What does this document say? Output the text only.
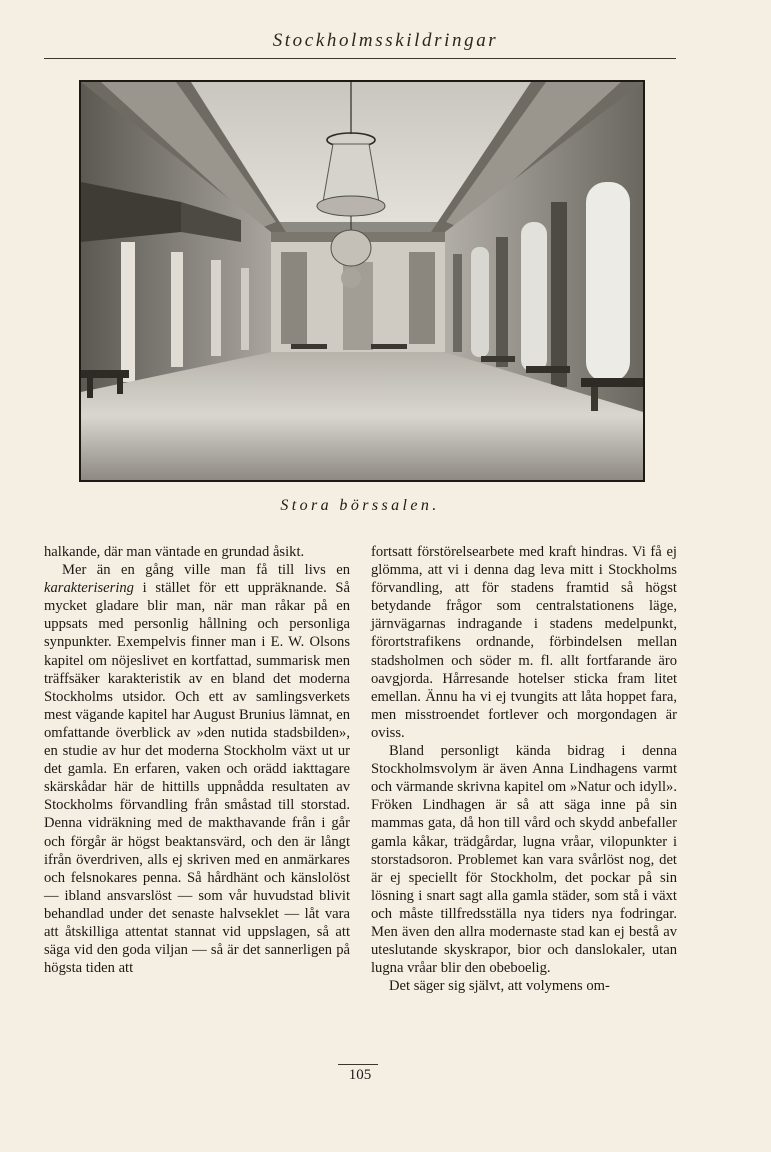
Stockholmsskildringar
Stora börssalen.

halkande, där man väntade en grundad åsikt.

Mer än en gång ville man få till livs en karakterisering i stället för ett uppräknande. Så mycket gladare blir man, när man råkar på en uppsats med personlig hållning och personliga synpunkter. Exempelvis finner man i E. W. Olsons kapitel om nöjeslivet en kortfattad, summarisk men träffsäker karakteristik av en bland det moderna Stockholms utsidor. Och ett av samlingsverkets mest vägande kapitel har August Brunius lämnat, en omfattande överblick av »den nutida stadsbilden», en studie av hur det moderna Stockholm växt ut ur det gamla. En erfaren, vaken och orädd iakttagare skärskådar här de hittills uppnådda resultaten av Stockholms förvandling från småstad till storstad. Denna vidräkning med de makthavande från i går och förgår är högst beaktansvärd, och den är långt ifrån överdriven, alls ej skriven med en anmärkares och felsnokares penna. Så hårdhänt och känslolöst — ibland ansvarslöst — som vår huvudstad blivit behandlad under det senaste halvseklet — låt vara att åtskilliga attentat stannat vid uppslagen, så att säga vid den goda viljan — så är det sannerligen på högsta tiden att

fortsatt förstörelsearbete med kraft hindras. Vi få ej glömma, att vi i denna dag leva mitt i Stockholms förvandling, att för stadens framtid så högst betydande frågor som centralstationens läge, järnvägarnas indragande i stadens medelpunkt, förortstrafikens ordnande, förbindelsen mellan stadsholmen och söder m. fl. allt fortfarande äro oavgjorda. Hårresande hotelser sticka fram litet emellan. Ännu ha vi ej tvungits att låta hoppet fara, men misstroendet fortlever och morgondagen är oviss.

Bland personligt kända bidrag i denna Stockholmsvolym är även Anna Lindhagens varmt och värmande skrivna kapitel om »Natur och idyll». Fröken Lindhagen är så att säga inne på sin mammas gata, då hon till vård och skydd anbefaller gamla kåkar, trädgårdar, lugna vråar, vilopunkter i storstadsoron. Problemet kan vara svårlöst nog, det är ej speciellt för Stockholm, det pockar på sin lösning i snart sagt alla gamla städer, som stå i växt och måste tillfredsställa nya tiders nya fodringar. Men även den allra modernaste stad kan ej bestå av uteslutande skyskrapor, bior och danslokaler, utan lugna vråar blir den obeboelig.

Det säger sig självt, att volymens om-

105
